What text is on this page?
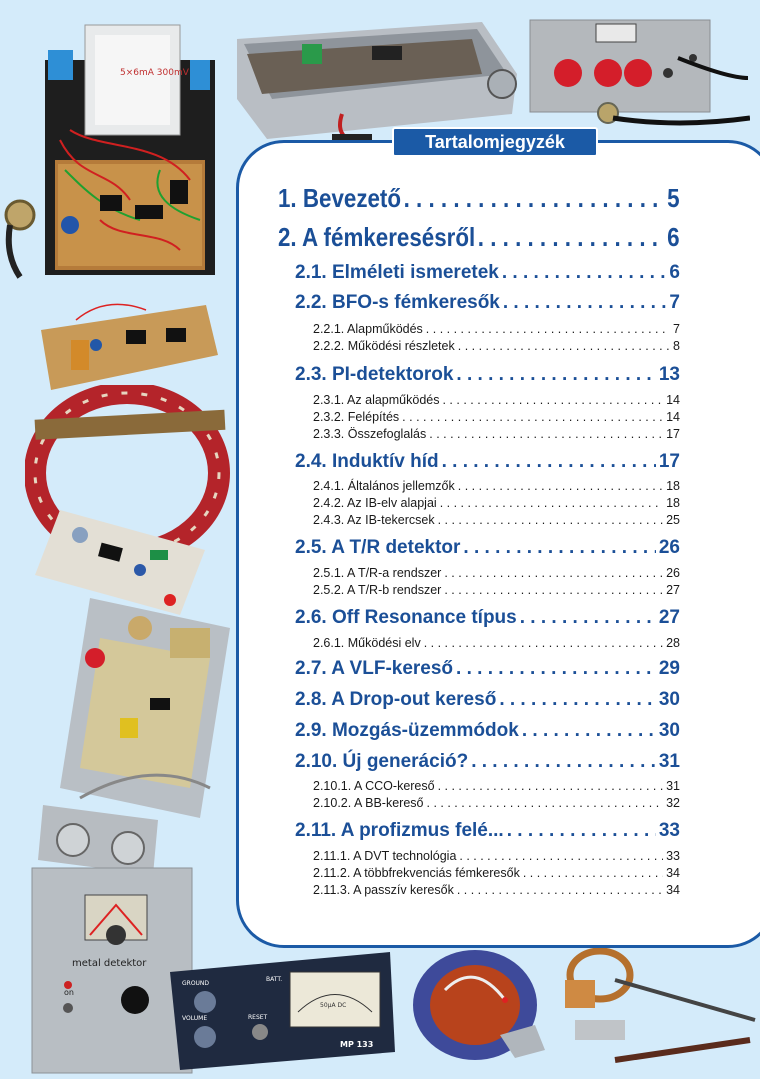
5×6mA 300mV
metal detektor
on
GROUND
VOLUME	RESET
BATT.
50μA DC
MP 133
Tartalomjegyzék
1. Bevezető . . .	5
2. A fémkeresésről . . .	6
2.1. Elméleti ismeretek . . .	6
2.2. BFO-s fémkeresők . . .	7
2.2.1. Alapműködés . . .	7
2.2.2. Működési részletek . . .	8
2.3. PI-detektorok . . .	13
2.3.1. Az alapműködés . . .	14
2.3.2. Felépítés . . .	14
2.3.3. Összefoglalás . . .	17
2.4. Induktív híd . . .	17
2.4.1. Általános jellemzők . . .	18
2.4.2. Az IB-elv alapjai . . .	18
2.4.3. Az IB-tekercsek . . .	25
2.5. A T/R detektor . . .	26
2.5.1. A T/R-a rendszer . . .	26
2.5.2. A T/R-b rendszer . . .	27
2.6. Off Resonance típus . . .	27
2.6.1. Működési elv . . .	28
2.7. A VLF-kereső . . .	29
2.8. A Drop-out kereső . . .	30
2.9. Mozgás-üzemmódok . . .	30
2.10. Új generáció? . . .	31
2.10.1. A CCO-kereső . . .	31
2.10.2. A BB-kereső . . .	32
2.11. A profizmus felé... . . .	33
2.11.1. A DVT technológia . . .	33
2.11.2. A többfrekvenciás fémkeresők . . .	34
2.11.3. A passzív keresők . . .	34
